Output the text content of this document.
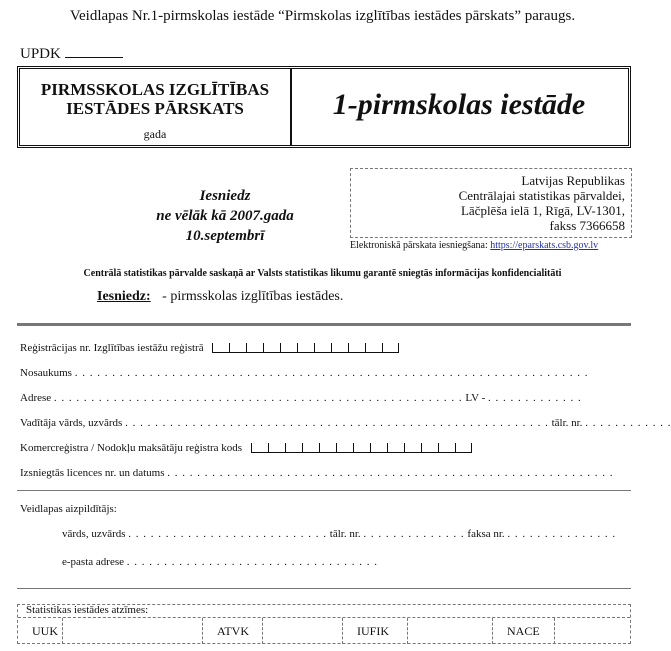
Veidlapas Nr.1-pirmskolas iestāde “Pirmskolas izglītības iestādes pārskats” paraugs.
UPDK
PIRMSSKOLAS IZGLĪTĪBAS
IESTĀDES PĀRSKATS
gada
1-pirmskolas iestāde
Iesniedz
ne vēlāk kā 2007.gada 10.septembrī
Latvijas Republikas
Centrālajai statistikas pārvaldei,
Lāčplēša ielā 1, Rīgā, LV-1301,
fakss 7366658
Elektroniskā pārskata iesniegšana: https://eparskats.csb.gov.lv
Centrālā statistikas pārvalde saskaņā ar Valsts statistikas likumu garantē sniegtās informācijas konfidencialitāti
Iesniedz: - pirmsskolas izglītības iestādes.
Reģistrācijas nr. Izglītības iestāžu reģistrā
Nosaukums . . . . . . . . . . . . . . . . . . . . . . . . . . . . . . . . . . . . . . . . . . . . . . . . . . . . . . . . . . . . . . . . . . . . .
Adrese . . . . . . . . . . . . . . . . . . . . . . . . . . . . . . . . . . . . . . . . . . . . . . . . . . . . . . . LV - . . . . . . . . . . . . .
Vadītāja vārds, uzvārds . . . . . . . . . . . . . . . . . . . . . . . . . . . . . . . . . . . . . . . . . . . . . . . . . . . . . . . . . tālr. nr. . . . . . . . . . . . .
Komercreģistra / Nodokļu maksātāju reģistra kods
Izsniegtās licences nr. un datums . . . . . . . . . . . . . . . . . . . . . . . . . . . . . . . . . . . . . . . . . . . . . . . . . . . . . . . . . . . .
Veidlapas aizpildītājs:
vārds, uzvārds . . . . . . . . . . . . . . . . . . . . . . . . . . . tālr. nr. . . . . . . . . . . . . . . faksa nr. . . . . . . . . . . . . . . .
e-pasta adrese . . . . . . . . . . . . . . . . . . . . . . . . . . . . . . . . . .
Statistikas iestādes atzīmes:
UUK	ATVK	IUFIK	NACE
